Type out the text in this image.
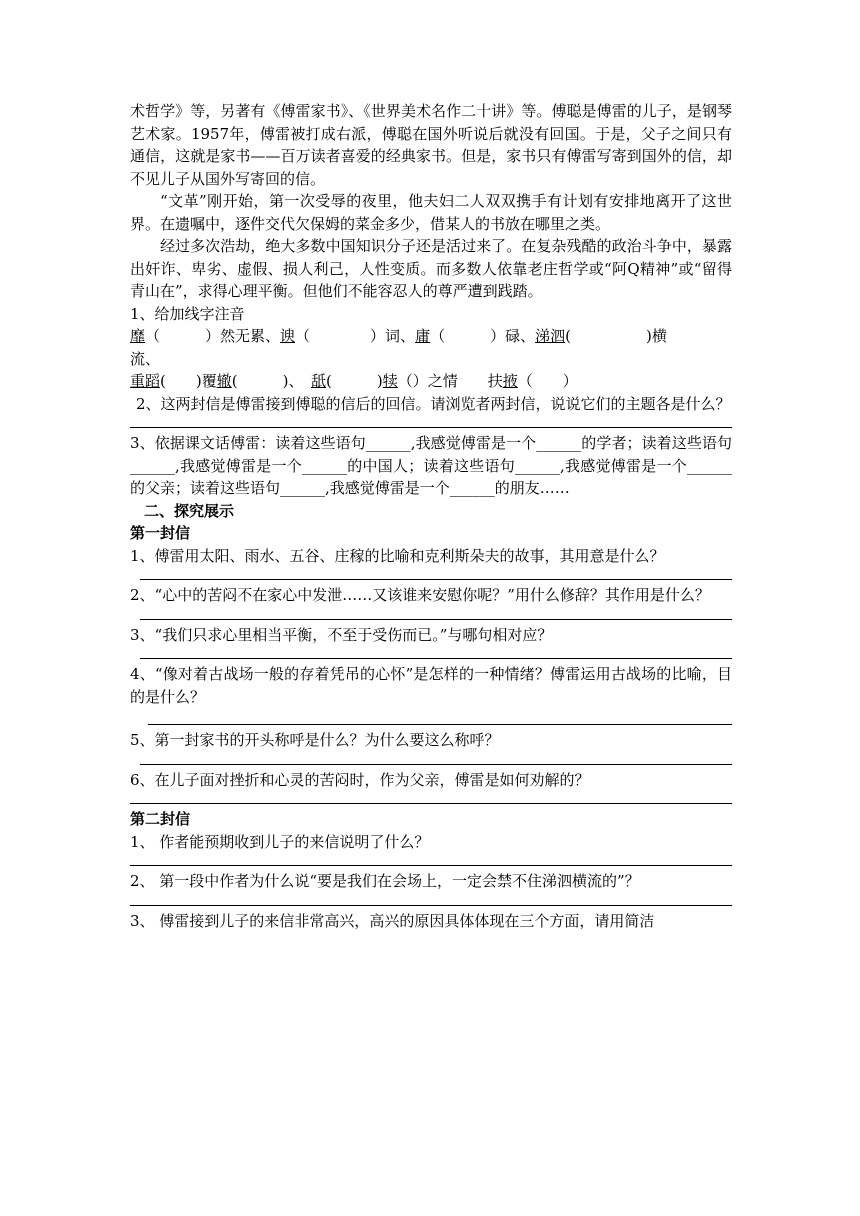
术哲学》等，另著有《傅雷家书》、《世界美术名作二十讲》等。傅聪是傅雷的儿子，是钢琴艺术家。1957年，傅雷被打成右派，傅聪在国外听说后就没有回国。于是，父子之间只有通信，这就是家书——百万读者喜爱的经典家书。但是，家书只有傅雷写寄到国外的信，却不见儿子从国外写寄回的信。

“文革”刚开始，第一次受辱的夜里，他夫妇二人双双携手有计划有安排地离开了这世界。在遗嘱中，逐件交代欠保姆的菜金多少，借某人的书放在哪里之类。

经过多次浩劫，绝大多数中国知识分子还是活过来了。在复杂残酷的政治斗争中，暴露出奸诈、卑劣、虚假、损人利己，人性变质。而多数人依靠老庄哲学或“阿Q精神”或“留得青山在”，求得心理平衡。但他们不能容忍人的尊严遭到践踏。

1、给加线字注音

靡（　　　）然无累、谀（　　　　）词、庸（　　　）碌、涕泗(　　　　　)横
流、
重蹈(　　)覆辙(　　　)、　 舐(　　　)犊（）之情　　扶掖（　　）

2、这两封信是傅雷接到傅聪的信后的回信。请浏览者两封信，说说它们的主题各是什么？

3、依据课文话傅雷：读着这些语句______,我感觉傅雷是一个______的学者；读着这些语句______,我感觉傅雷是一个______的中国人；读着这些语句______,我感觉傅雷是一个______的父亲；读着这些语句______,我感觉傅雷是一个______的朋友……

二、探究展示

第一封信

1、傅雷用太阳、雨水、五谷、庄稼的比喻和克利斯朵夫的故事，其用意是什么？

2、“心中的苦闷不在家心中发泄……又该谁来安慰你呢？”用什么修辞？其作用是什么？

3、“我们只求心里相当平衡，不至于受伤而已。”与哪句相对应？

4、“像对着古战场一般的存着凭吊的心怀”是怎样的一种情绪？傅雷运用古战场的比喻，目的是什么？

5、第一封家书的开头称呼是什么？为什么要这么称呼？

6、在儿子面对挫折和心灵的苦闷时，作为父亲，傅雷是如何劝解的？

第二封信

1、 作者能预期收到儿子的来信说明了什么？

2、 第一段中作者为什么说“要是我们在会场上，一定会禁不住涕泗横流的”？

3、 傅雷接到儿子的来信非常高兴，高兴的原因具体体现在三个方面，请用简洁
